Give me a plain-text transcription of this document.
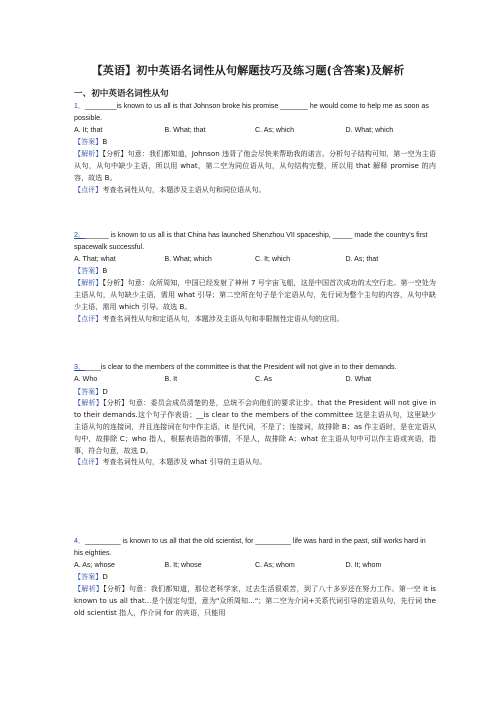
【英语】初中英语名词性从句解题技巧及练习题(含答案)及解析
一、初中英语名词性从句
1．________is known to us all is that Johnson broke his promise _______ he would come to help me as soon as possible.
A. It; that	B. What; that	C. As; which	D. What; which
【答案】B
【解析】【分析】句意：我们都知道，Johnson 违背了他会尽快来帮助我的诺言。分析句子结构可知，第一空为主语从句，从句中缺少主语，所以用 what，第二空为同位语从句，从句结构完整，所以用 that 解释 promise 的内容，故选 B。
【点评】考查名词性从句，本题涉及主语从句和同位语从句。
2．______ is known to us all is that China has launched Shenzhou VII spaceship, _____ made the country's first spacewalk successful.
A. That; what	B. What; which	C. It; which	D. As; that
【答案】B
【解析】【分析】句意：众所周知，中国已经发射了神州 7 号宇宙飞船，这是中国首次成功的太空行走。第一空处为主语从句，从句缺少主语，需用 what 引导；第二空所在句子是个定语从句，先行词为整个主句的内容，从句中缺少主语，需用 which 引导。故选 B。
【点评】考查名词性从句和定语从句，本题涉及主语从句和非限制性定语从句的应用。
3．____is clear to the members of the committee is that the President will not give in to their demands.
A. Who	B. It	C. As	D. What
【答案】D
【解析】【分析】句意：委员会成员清楚的是，总统不会向他们的要求让步。that the President will not give in to their demands.这个句子作表语；__is clear to the members of the committee 这是主语从句，这里缺少主语从句的连接词，并且连接词在句中作主语，it 是代词，不是了；连接词，故排除 B；as 作主语时，是在定语从句中，故排除 C；who 指人，根据表语指的事情，不是人，故排除 A；what 在主语从句中可以作主语或宾语，指事，符合句意，故选 D。
【点评】考查名词性从句，本题涉及 what 引导的主语从句。
4．_________ is known to us all that the old scientist, for _________ life was hard in the past, still works hard in his eighties.
A. As; whose	B. It; whose	C. As; whom	D. It; whom
【答案】D
【解析】【分析】句意：我们都知道，那位老科学家，过去生活很艰苦，到了八十多岁还在努力工作。第一空 it is known to us all that...是个固定句型，意为"众所周知..."；第二空为介词+关系代词引导的定语从句，先行词 the old scientist 指人，作介词 for 的宾语，只能用
